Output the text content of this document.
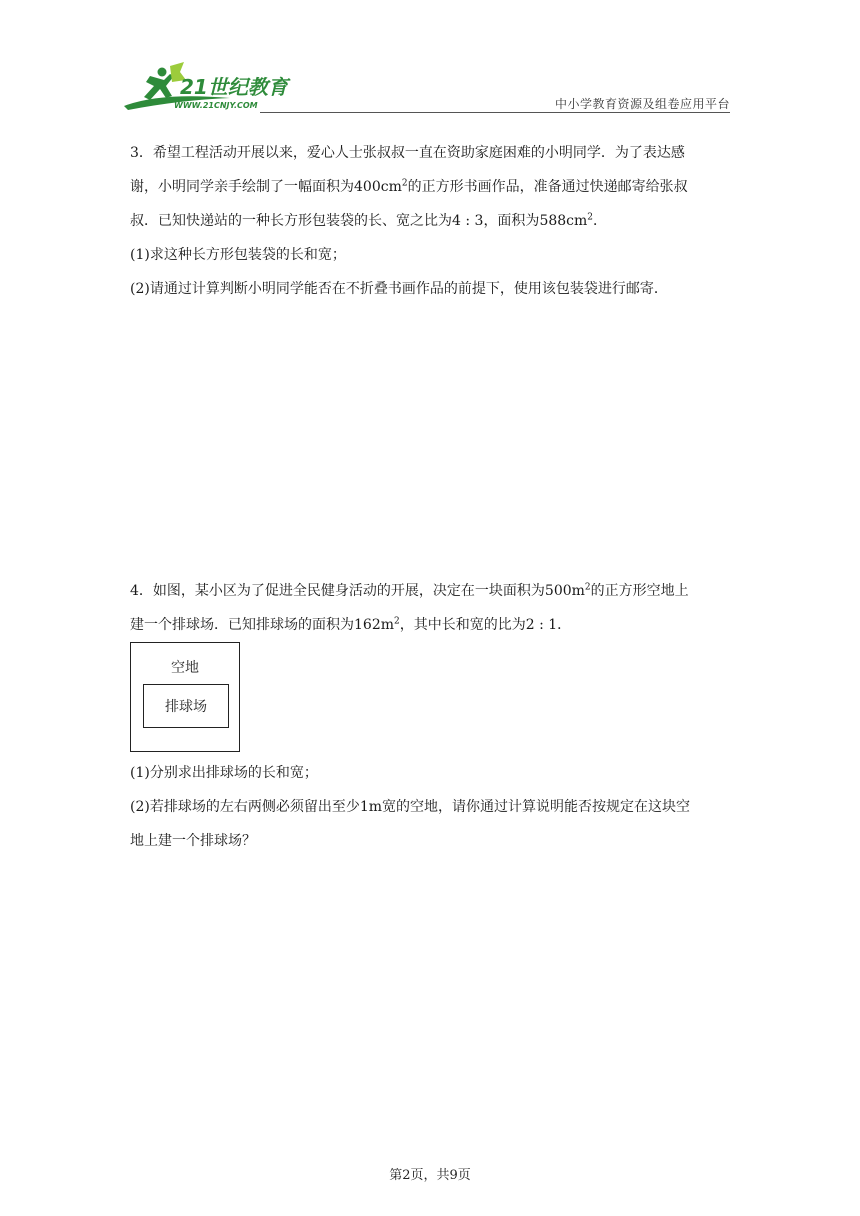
21世纪教育
WWW.21CNJY.COM	中小学教育资源及组卷应用平台
3．希望工程活动开展以来，爱心人士张叔叔一直在资助家庭困难的小明同学．为了表达感
谢，小明同学亲手绘制了一幅面积为$400cm^2$的正方形书画作品，准备通过快递邮寄给张叔
叔．已知快递站的一种长方形包装袋的长、宽之比为4 : 3，面积为$588cm^2$．
(1)求这种长方形包装袋的长和宽；
(2)请通过计算判断小明同学能否在不折叠书画作品的前提下，使用该包装袋进行邮寄．
4．如图，某小区为了促进全民健身活动的开展，决定在一块面积为$500m^2$的正方形空地上
建一个排球场．已知排球场的面积为$162m^2$，其中长和宽的比为2 : 1．
空地
排球场
(1)分别求出排球场的长和宽；
(2)若排球场的左右两侧必须留出至少1m宽的空地，请你通过计算说明能否按规定在这块空
地上建一个排球场？
第2页，共9页
